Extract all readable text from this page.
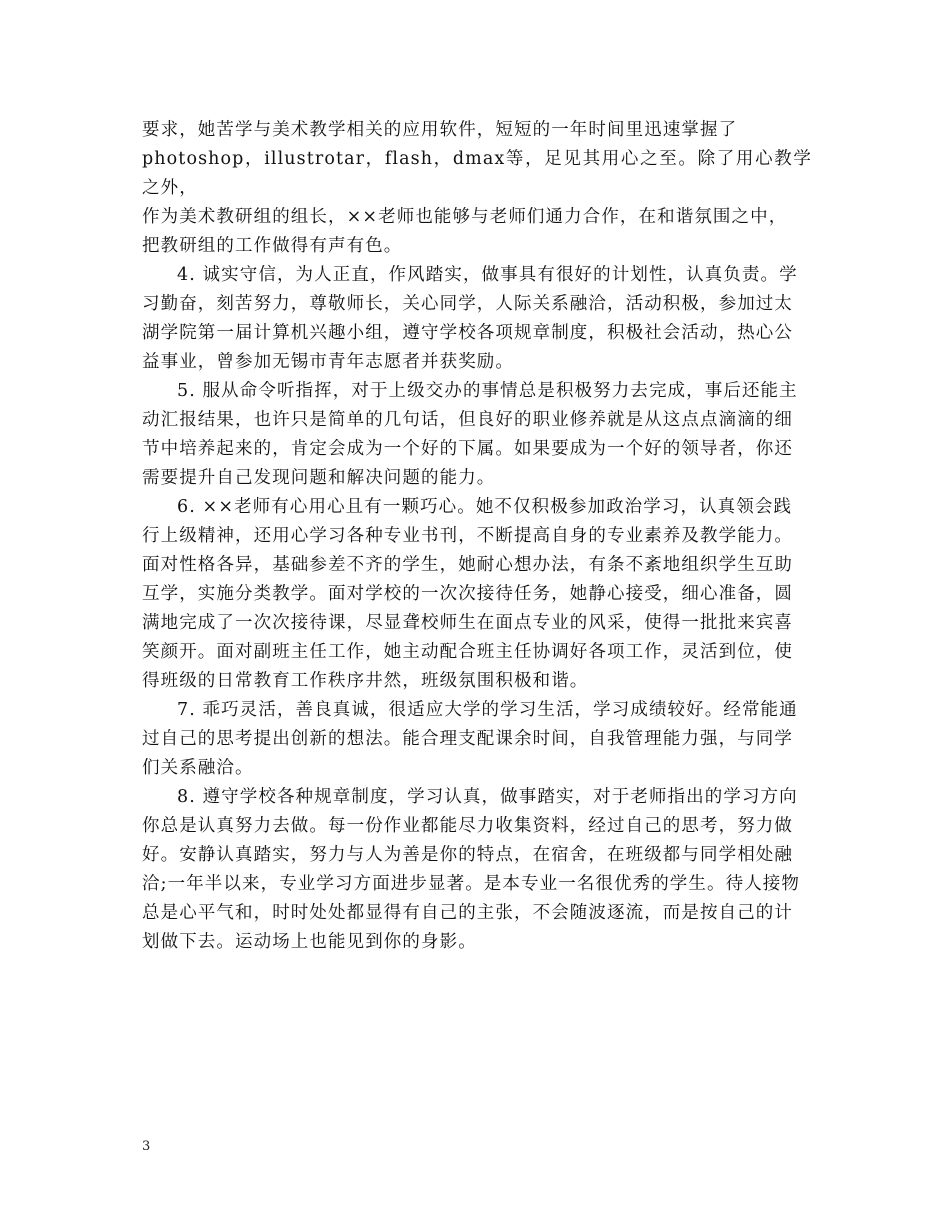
要求，她苦学与美术教学相关的应用软件，短短的一年时间里迅速掌握了
photoshop，illustrotar，flash，dmax等，足见其用心之至。除了用心教学之外，
作为美术教研组的组长，××老师也能够与老师们通力合作，在和谐氛围之中，
把教研组的工作做得有声有色。

4. 诚实守信，为人正直，作风踏实，做事具有很好的计划性，认真负责。学
习勤奋，刻苦努力，尊敬师长，关心同学，人际关系融洽，活动积极，参加过太
湖学院第一届计算机兴趣小组，遵守学校各项规章制度，积极社会活动，热心公
益事业，曾参加无锡市青年志愿者并获奖励。

5. 服从命令听指挥，对于上级交办的事情总是积极努力去完成，事后还能主
动汇报结果，也许只是简单的几句话，但良好的职业修养就是从这点点滴滴的细
节中培养起来的，肯定会成为一个好的下属。如果要成为一个好的领导者，你还
需要提升自己发现问题和解决问题的能力。

6. ××老师有心用心且有一颗巧心。她不仅积极参加政治学习，认真领会践
行上级精神，还用心学习各种专业书刊，不断提高自身的专业素养及教学能力。
面对性格各异，基础参差不齐的学生，她耐心想办法，有条不紊地组织学生互助
互学，实施分类教学。面对学校的一次次接待任务，她静心接受，细心准备，圆
满地完成了一次次接待课，尽显聋校师生在面点专业的风采，使得一批批来宾喜
笑颜开。面对副班主任工作，她主动配合班主任协调好各项工作，灵活到位，使
得班级的日常教育工作秩序井然，班级氛围积极和谐。

7. 乖巧灵活，善良真诚，很适应大学的学习生活，学习成绩较好。经常能通
过自己的思考提出创新的想法。能合理支配课余时间，自我管理能力强，与同学
们关系融洽。

8. 遵守学校各种规章制度，学习认真，做事踏实，对于老师指出的学习方向
你总是认真努力去做。每一份作业都能尽力收集资料，经过自己的思考，努力做
好。安静认真踏实，努力与人为善是你的特点，在宿舍，在班级都与同学相处融
洽;一年半以来，专业学习方面进步显著。是本专业一名很优秀的学生。待人接物
总是心平气和，时时处处都显得有自己的主张，不会随波逐流，而是按自己的计
划做下去。运动场上也能见到你的身影。

3
